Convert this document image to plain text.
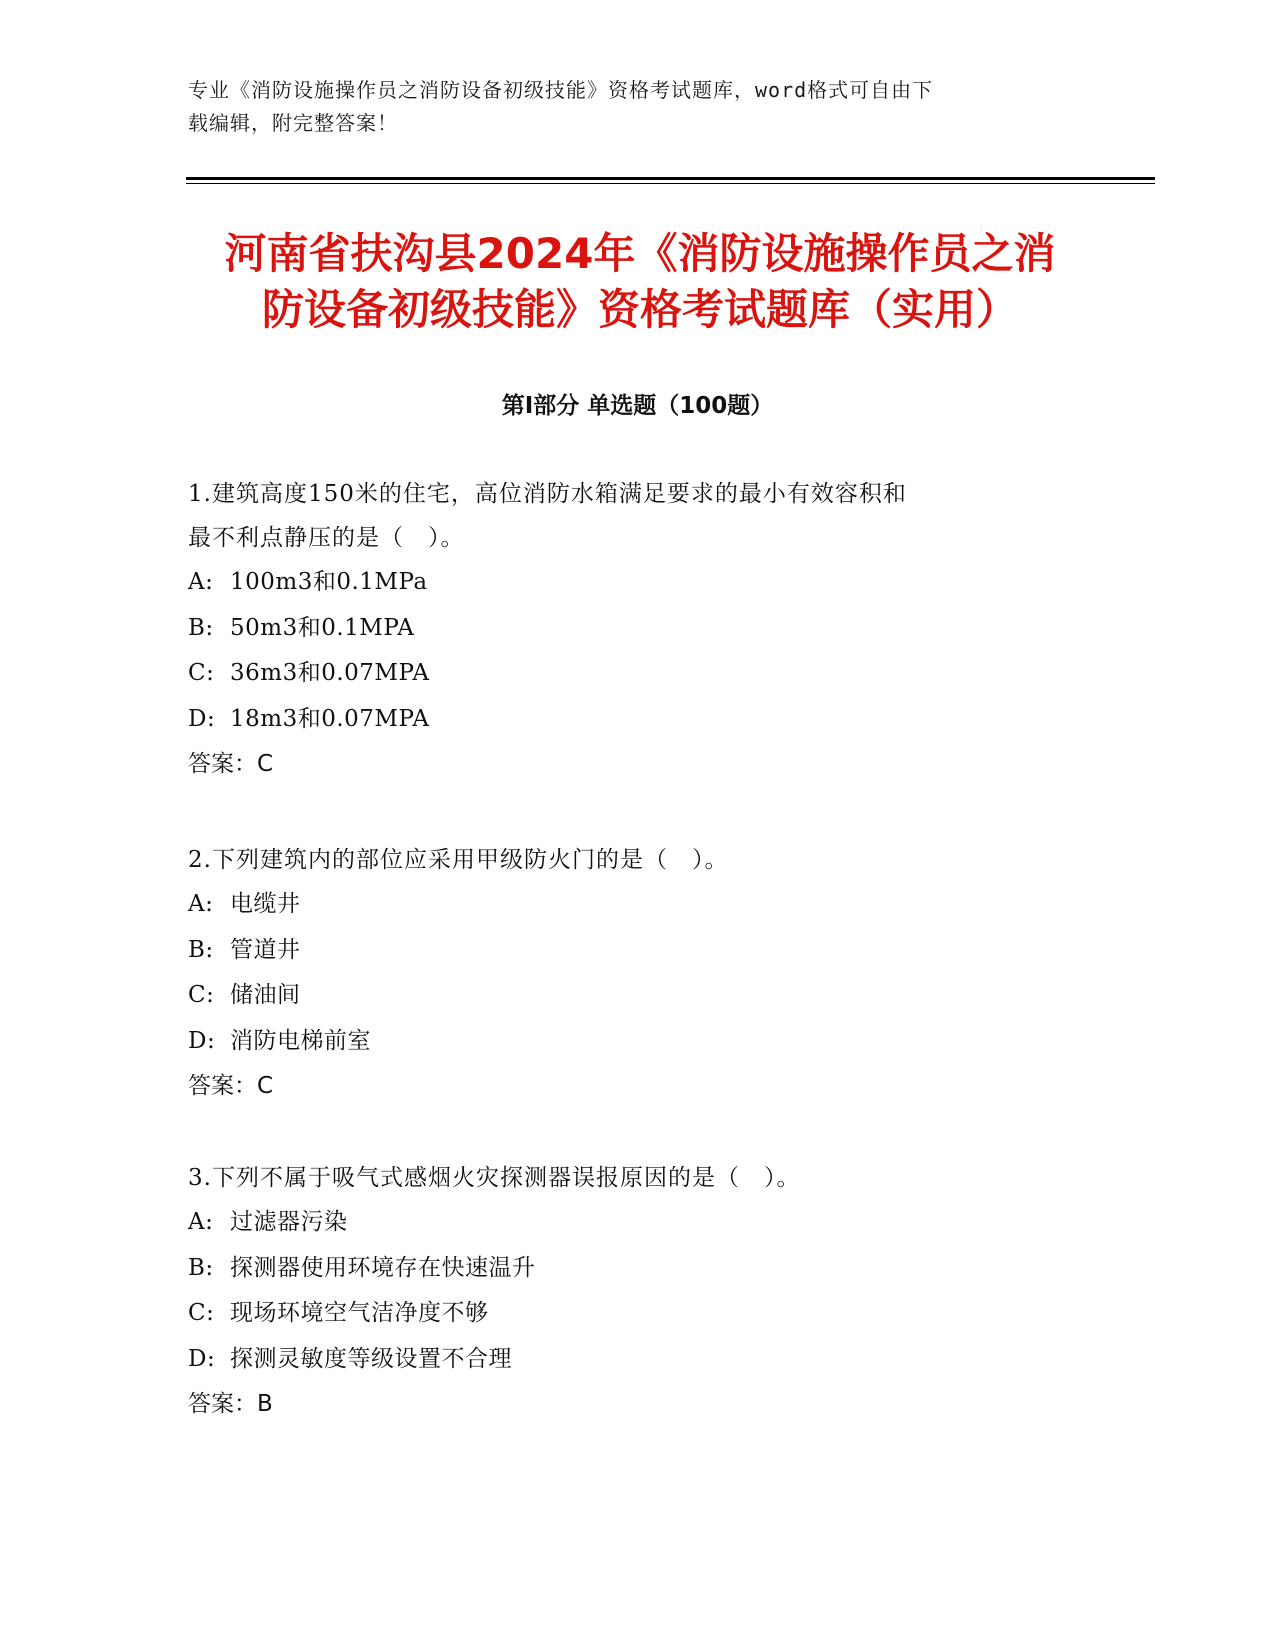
专业《消防设施操作员之消防设备初级技能》资格考试题库，word格式可自由下
载编辑，附完整答案！
河南省扶沟县2024年《消防设施操作员之消
防设备初级技能》资格考试题库（实用）
第Ⅰ部分 单选题（100题）
1.建筑高度150米的住宅，高位消防水箱满足要求的最小有效容积和
最不利点静压的是（　）。
A: 100m3和0.1MPa
B: 50m3和0.1MPA
C: 36m3和0.07MPA
D: 18m3和0.07MPA
答案：C
2.下列建筑内的部位应采用甲级防火门的是（　）。
A: 电缆井
B: 管道井
C: 储油间
D: 消防电梯前室
答案：C
3.下列不属于吸气式感烟火灾探测器误报原因的是（　）。
A: 过滤器污染
B: 探测器使用环境存在快速温升
C: 现场环境空气洁净度不够
D: 探测灵敏度等级设置不合理
答案：B
